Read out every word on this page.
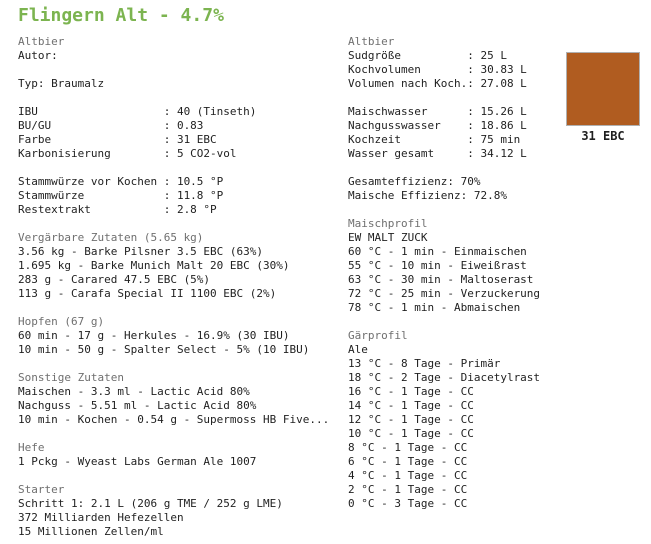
Flingern Alt - 4.7%
Altbier
Autor:
Typ: Braumalz
IBU                   : 40 (Tinseth)
BU/GU                 : 0.83
Farbe                 : 31 EBC
Karbonisierung        : 5 CO2-vol
Stammwürze vor Kochen : 10.5 °P
Stammwürze            : 11.8 °P
Restextrakt           : 2.8 °P
Vergärbare Zutaten (5.65 kg)
3.56 kg - Barke Pilsner 3.5 EBC (63%)
1.695 kg - Barke Munich Malt 20 EBC (30%)
283 g - Carared 47.5 EBC (5%)
113 g - Carafa Special II 1100 EBC (2%)
Hopfen (67 g)
60 min - 17 g - Herkules - 16.9% (30 IBU)
10 min - 50 g - Spalter Select - 5% (10 IBU)
Sonstige Zutaten
Maischen - 3.3 ml - Lactic Acid 80%
Nachguss - 5.51 ml - Lactic Acid 80%
10 min - Kochen - 0.54 g - Supermoss HB Five...
Hefe
1 Pckg - Wyeast Labs German Ale 1007
Starter
Schritt 1: 2.1 L (206 g TME / 252 g LME)
372 Milliarden Hefezellen
15 Millionen Zellen/ml
Altbier
Sudgröße          : 25 L
Kochvolumen       : 30.83 L
Volumen nach Koch.: 27.08 L
Maischwasser      : 15.26 L
Nachgusswasser    : 18.86 L
Kochzeit          : 75 min
Wasser gesamt     : 34.12 L
Gesamteffizienz: 70%
Maische Effizienz: 72.8%
Maischprofil
EW MALT ZUCK
60 °C - 1 min - Einmaischen
55 °C - 10 min - Eiweißrast
63 °C - 30 min - Maltoserast
72 °C - 25 min - Verzuckerung
78 °C - 1 min - Abmaischen
Gärprofil
Ale
13 °C - 8 Tage - Primär
18 °C - 2 Tage - Diacetylrast
16 °C - 1 Tage - CC
14 °C - 1 Tage - CC
12 °C - 1 Tage - CC
10 °C - 1 Tage - CC
8 °C - 1 Tage - CC
6 °C - 1 Tage - CC
4 °C - 1 Tage - CC
2 °C - 1 Tage - CC
0 °C - 3 Tage - CC
31 EBC
